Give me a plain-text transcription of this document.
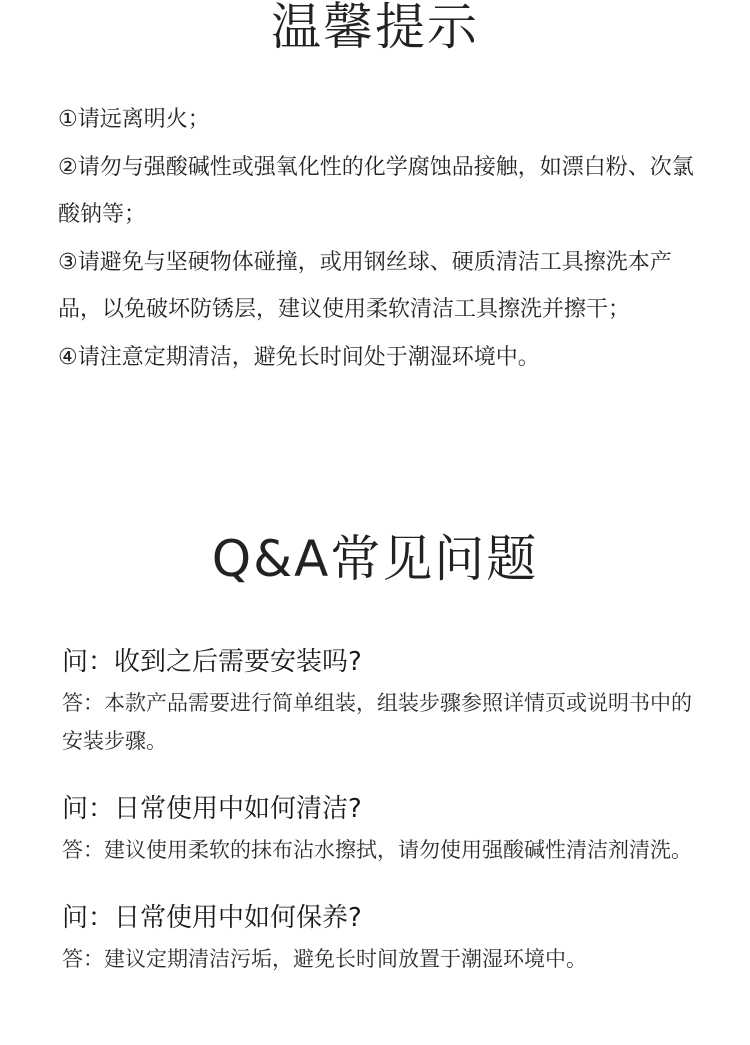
温馨提示
①请远离明火；
②请勿与强酸碱性或强氧化性的化学腐蚀品接触，如漂白粉、次氯酸钠等；
③请避免与坚硬物体碰撞，或用钢丝球、硬质清洁工具擦洗本产品，以免破坏防锈层，建议使用柔软清洁工具擦洗并擦干；
④请注意定期清洁，避免长时间处于潮湿环境中。
Q&A常见问题

问：收到之后需要安装吗?

答：本款产品需要进行简单组装，组装步骤参照详情页或说明书中的安装步骤。

问：日常使用中如何清洁?

答：建议使用柔软的抹布沾水擦拭，请勿使用强酸碱性清洁剂清洗。

问：日常使用中如何保养?

答：建议定期清洁污垢，避免长时间放置于潮湿环境中。
